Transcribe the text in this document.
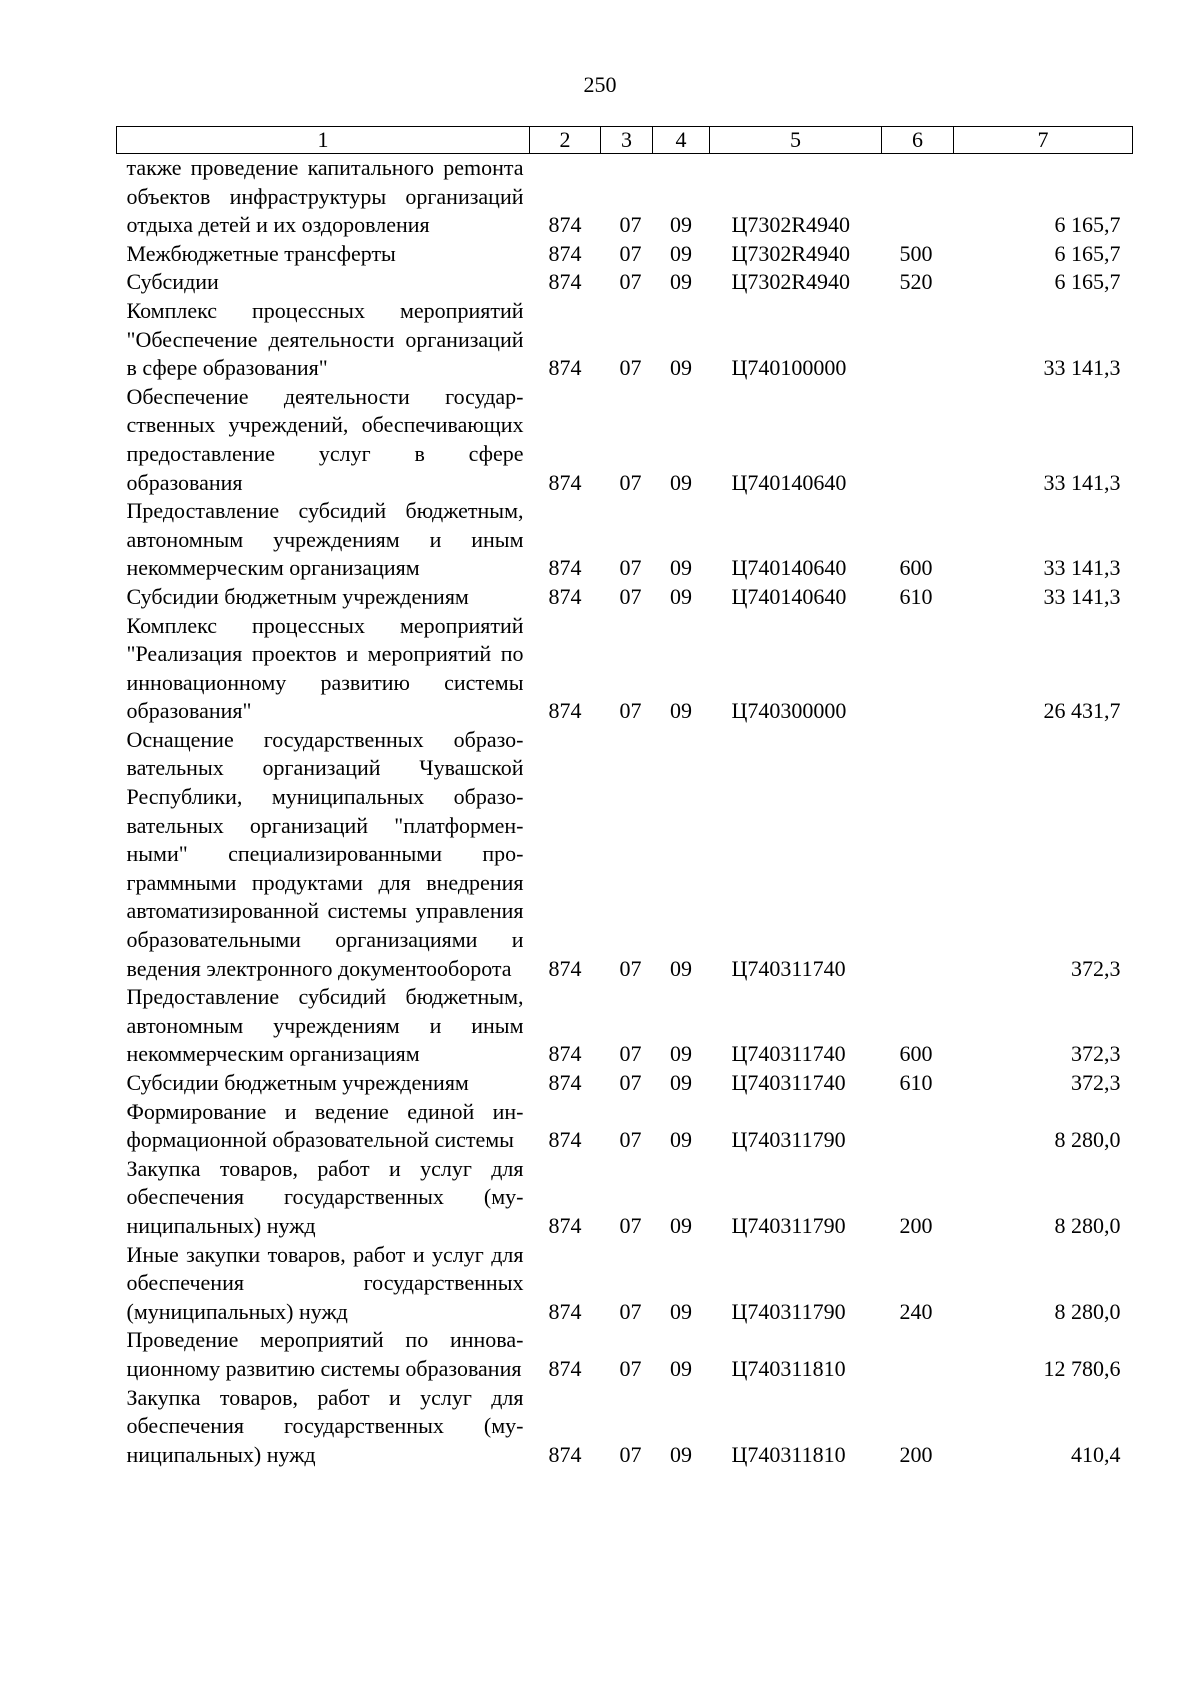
250
1	2	3	4	5	6	7
также проведение капитального реmонта объектов инфраструктуры организаций отдыха детей и их оздоровления	874	07	09	Ц7302R4940		6 165,7
Межбюджетные трансферты	874	07	09	Ц7302R4940	500	6 165,7
Субсидии	874	07	09	Ц7302R4940	520	6 165,7
Комплекс процессных мероприятий "Обеспечение деятельности организаций в сфере образования"	874	07	09	Ц740100000		33 141,3
Обеспечение деятельности государственных учреждений, обеспечивающих предоставление услуг в сфере образования	874	07	09	Ц740140640		33 141,3
Предоставление субсидий бюджетным, автономным учреждениям и иным некоммерческим организациям	874	07	09	Ц740140640	600	33 141,3
Субсидии бюджетным учреждениям	874	07	09	Ц740140640	610	33 141,3
Комплекс процессных мероприятий "Реализация проектов и мероприятий по инновационному развитию системы образования"	874	07	09	Ц740300000		26 431,7
Оснащение государственных образовательных организаций Чувашской Республики, муниципальных образовательных организаций "платформенными" специализированными программными продуктами для внедрения автоматизированной системы управления образовательными организациями и ведения электронного документооборота	874	07	09	Ц740311740		372,3
Предоставление субсидий бюджетным, автономным учреждениям и иным некоммерческим организациям	874	07	09	Ц740311740	600	372,3
Субсидии бюджетным учреждениям	874	07	09	Ц740311740	610	372,3
Формирование и ведение единой информационной образовательной системы	874	07	09	Ц740311790		8 280,0
Закупка товаров, работ и услуг для обеспечения государственных (муниципальных) нужд	874	07	09	Ц740311790	200	8 280,0
Иные закупки товаров, работ и услуг для обеспечения государственных (муниципальных) нужд	874	07	09	Ц740311790	240	8 280,0
Проведение мероприятий по инновационному развитию системы образования	874	07	09	Ц740311810		12 780,6
Закупка товаров, работ и услуг для обеспечения государственных (муниципальных) нужд	874	07	09	Ц740311810	200	410,4
